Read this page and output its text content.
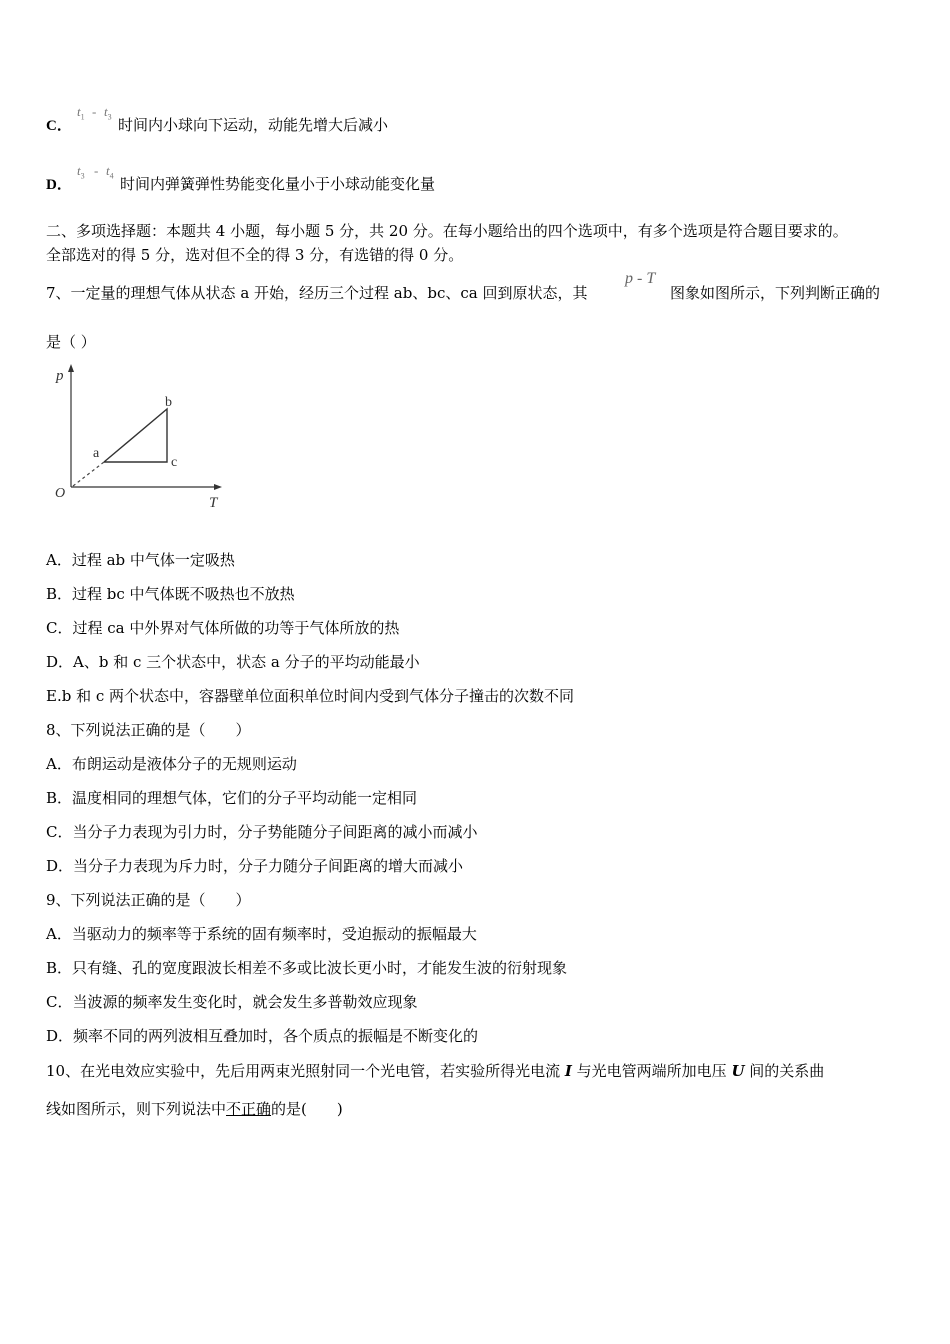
C．
$t_1 - t_3$ 时间内小球向下运动，动能先增大后减小
D．
$t_3 - t_4$ 时间内弹簧弹性势能变化量小于小球动能变化量
二、多项选择题：本题共 4 小题，每小题 5 分，共 20 分。在每小题给出的四个选项中，有多个选项是符合题目要求的。
全部选对的得 5 分，选对但不全的得 3 分，有选错的得 0 分。
7、一定量的理想气体从状态 a 开始，经历三个过程 ab、bc、ca 回到原状态，其
p - T
图象如图所示，下列判断正确的
是（ ）
p
T
O
a
b
c
A．过程 ab 中气体一定吸热
B．过程 bc 中气体既不吸热也不放热
C．过程 ca 中外界对气体所做的功等于气体所放的热
D．A、b 和 c 三个状态中，状态 a 分子的平均动能最小
E.b 和 c 两个状态中，容器壁单位面积单位时间内受到气体分子撞击的次数不同
8、下列说法正确的是（　　）
A．布朗运动是液体分子的无规则运动
B．温度相同的理想气体，它们的分子平均动能一定相同
C．当分子力表现为引力时，分子势能随分子间距离的减小而减小
D．当分子力表现为斥力时，分子力随分子间距离的增大而减小
9、下列说法正确的是（　　）
A．当驱动力的频率等于系统的固有频率时，受迫振动的振幅最大
B．只有缝、孔的宽度跟波长相差不多或比波长更小时，才能发生波的衍射现象
C．当波源的频率发生变化时，就会发生多普勒效应现象
D．频率不同的两列波相互叠加时，各个质点的振幅是不断变化的
10、在光电效应实验中，先后用两束光照射同一个光电管，若实验所得光电流 I 与光电管两端所加电压 U 间的关系曲
线如图所示，则下列说法中不正确的是(　　)
